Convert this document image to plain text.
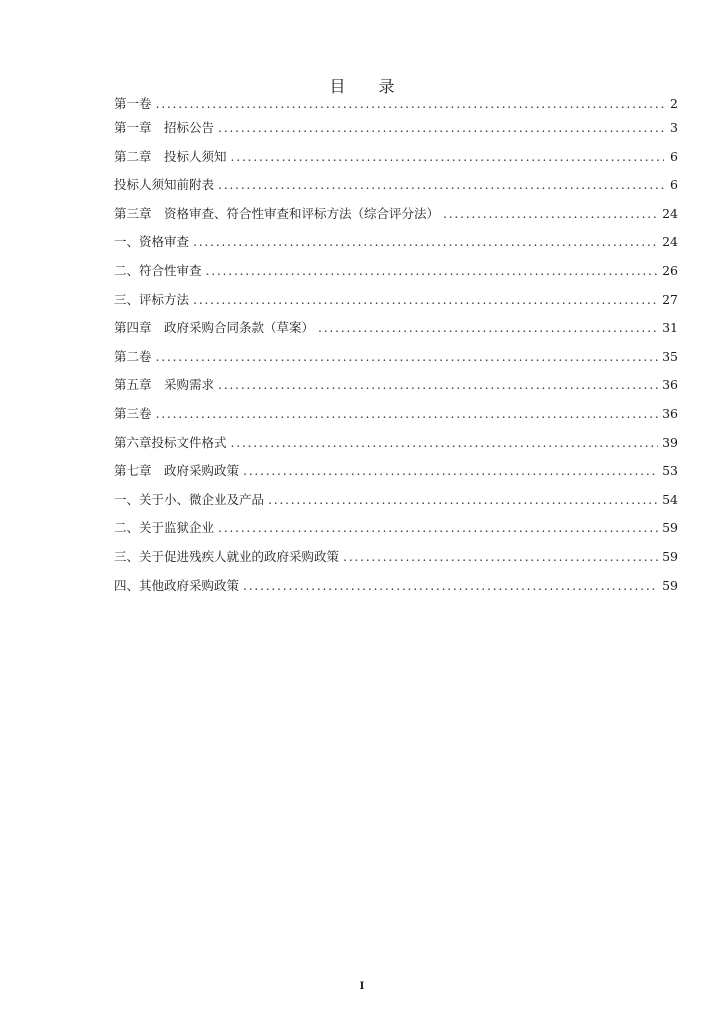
目 录
第一卷 .....	2
第一章　招标公告 .....	3
第二章　投标人须知 .....	6
投标人须知前附表 .....	6
第三章　资格审查、符合性审查和评标方法（综合评分法） .....	24
一、资格审查 .....	24
二、符合性审查 .....	26
三、评标方法 .....	27
第四章　政府采购合同条款（草案） .....	31
第二卷 .....	35
第五章　采购需求 .....	36
第三卷 .....	36
第六章投标文件格式 .....	39
第七章　政府采购政策 .....	53
一、关于小、微企业及产品 .....	54
二、关于监狱企业 .....	59
三、关于促进残疾人就业的政府采购政策 .....	59
四、其他政府采购政策 .....	59
I
